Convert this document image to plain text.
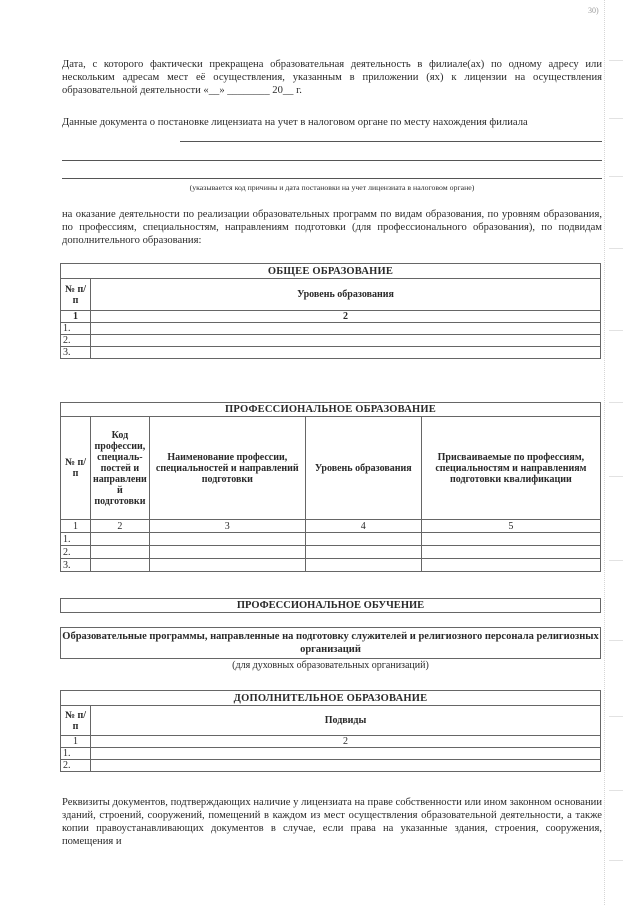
30)

Дата, с которого фактически прекращена образовательная деятельность в филиале(ах) по одному адресу или нескольким адресам мест её осуществления, указанным в приложении (ях) к лицензии на осуществления образовательной деятельности «__» ________ 20__ г.

Данные документа о постановке лицензиата на учет в налоговом органе по месту нахождения филиала

(указывается код причины и дата постановки на учет лицензиата в налоговом органе)

на оказание деятельности по реализации образовательных программ по видам образования, по уровням образования, по профессиям, специальностям, направлениям подготовки (для профессионального образования), по подвидам дополнительного образования:

ОБЩЕЕ ОБРАЗОВАНИЕ	
№ п/п	Уровень образования
1	2
1.	
2.	
3.	
ПРОФЕССИОНАЛЬНОЕ ОБРАЗОВАНИЕ				
№ п/п	Код профессии, специаль-постей и направлени й подготовки	Наименование профессии, специальностей и направлений подготовки	Уровень образования	Присваиваемые по профессиям, специальностям и направлениям подготовки квалификации
1	2	3	4	5
1.				
2.				
3.				
ПРОФЕССИОНАЛЬНОЕ ОБУЧЕНИЕ
Образовательные программы, направленные на подготовку служителей и религиозного персонала религиозных организаций

(для духовных образовательных организаций)

ДОПОЛНИТЕЛЬНОЕ ОБРАЗОВАНИЕ	
№ п/п	Подвиды
1	2
1.	
2.	

Реквизиты документов, подтверждающих наличие у лицензиата на праве собственности или ином законном основании зданий, строений, сооружений, помещений в каждом из мест осуществления образовательной деятельности, а также копии правоустанавливающих документов в случае, если права на указанные здания, строения, сооружения, помещения и
